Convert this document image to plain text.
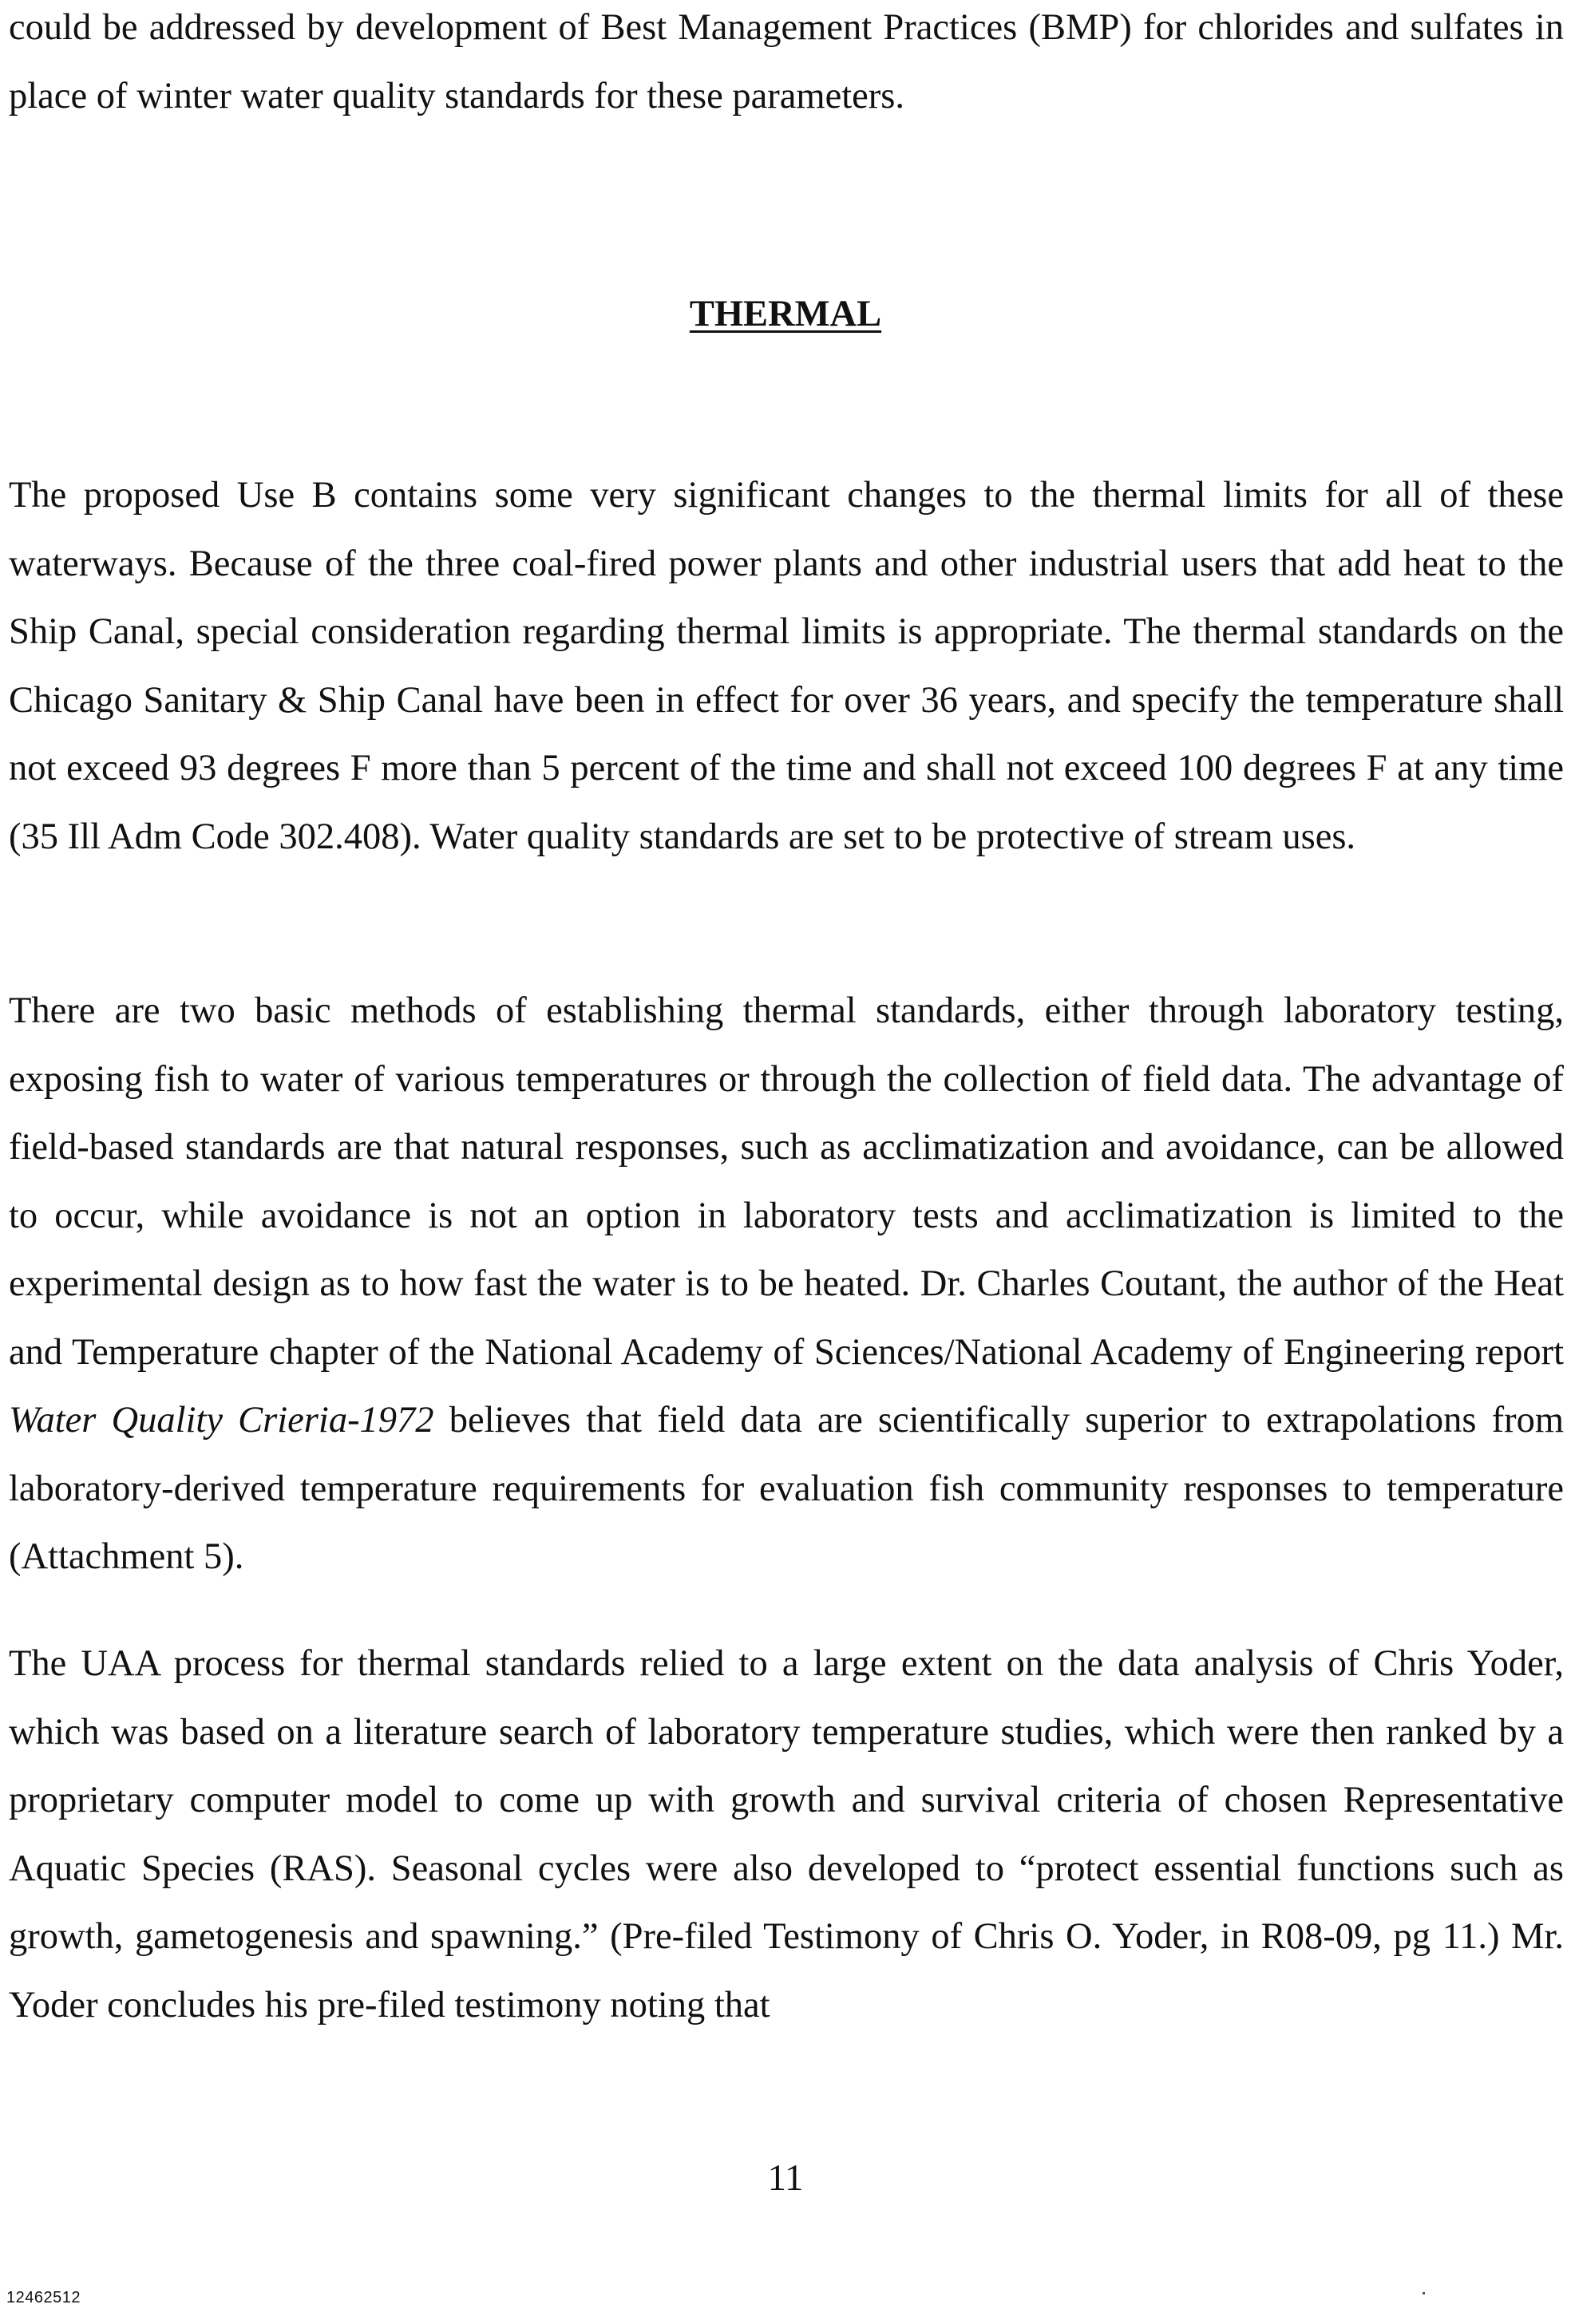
could be addressed by development of Best Management Practices (BMP) for chlorides and sulfates in place of winter water quality standards for these parameters.

THERMAL

The proposed Use B contains some very significant changes to the thermal limits for all of these waterways. Because of the three coal-fired power plants and other industrial users that add heat to the Ship Canal, special consideration regarding thermal limits is appropriate. The thermal standards on the Chicago Sanitary & Ship Canal have been in effect for over 36 years, and specify the temperature shall not exceed 93 degrees F more than 5 percent of the time and shall not exceed 100 degrees F at any time (35 Ill Adm Code 302.408). Water quality standards are set to be protective of stream uses.

There are two basic methods of establishing thermal standards, either through laboratory testing, exposing fish to water of various temperatures or through the collection of field data. The advantage of field-based standards are that natural responses, such as acclimatization and avoidance, can be allowed to occur, while avoidance is not an option in laboratory tests and acclimatization is limited to the experimental design as to how fast the water is to be heated. Dr. Charles Coutant, the author of the Heat and Temperature chapter of the National Academy of Sciences/National Academy of Engineering report Water Quality Crieria-1972 believes that field data are scientifically superior to extrapolations from laboratory-derived temperature requirements for evaluation fish community responses to temperature (Attachment 5).

The UAA process for thermal standards relied to a large extent on the data analysis of Chris Yoder, which was based on a literature search of laboratory temperature studies, which were then ranked by a proprietary computer model to come up with growth and survival criteria of chosen Representative Aquatic Species (RAS). Seasonal cycles were also developed to “protect essential functions such as growth, gametogenesis and spawning.” (Pre-filed Testimony of Chris O. Yoder, in R08-09, pg 11.) Mr. Yoder concludes his pre-filed testimony noting that

11
12462512
